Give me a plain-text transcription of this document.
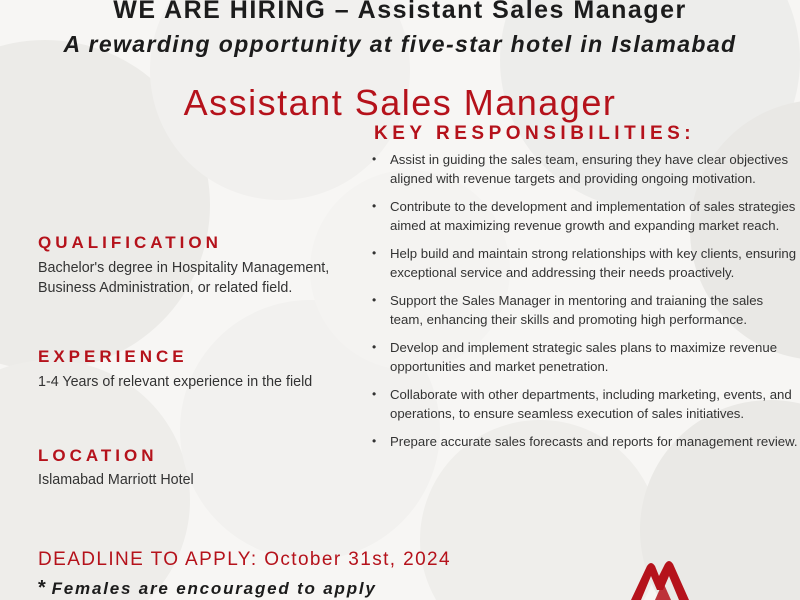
WE ARE HIRING – Assistant Sales Manager
A rewarding opportunity at five-star hotel in Islamabad
Assistant Sales Manager
KEY RESPONSIBILITIES:
• Assist in guiding the sales team, ensuring they have clear objectives aligned with revenue targets and providing ongoing motivation.
• Contribute to the development and implementation of sales strategies aimed at maximizing revenue growth and expanding market reach.
• Help build and maintain strong relationships with key clients, ensuring exceptional service and addressing their needs proactively.
• Support the Sales Manager in mentoring and traianing the sales team, enhancing their skills and promoting high performance.
• Develop and implement strategic sales plans to maximize revenue opportunities and market penetration.
• Collaborate with other departments, including marketing, events, and operations, to ensure seamless execution of sales initiatives.
• Prepare accurate sales forecasts and reports for management review.
QUALIFICATION
Bachelor's degree in Hospitality Management, Business Administration, or related field.
EXPERIENCE
1-4 Years of relevant experience in the field
LOCATION
Islamabad Marriott Hotel
DEADLINE TO APPLY: October 31st, 2024
* Females are encouraged to apply
